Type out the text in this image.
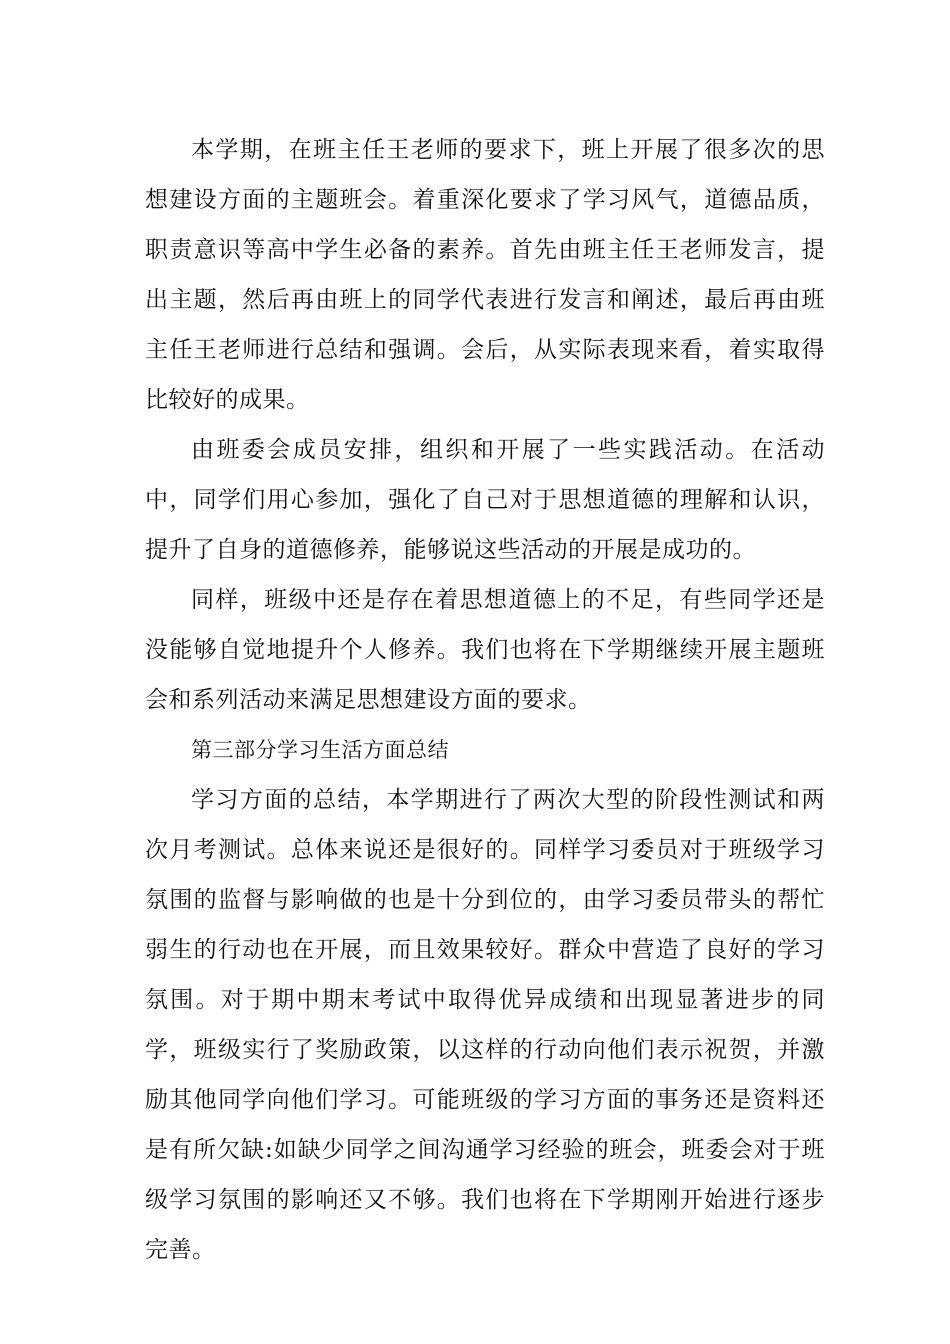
本学期，在班主任王老师的要求下，班上开展了很多次的思想建设方面的主题班会。着重深化要求了学习风气，道德品质，职责意识等高中学生必备的素养。首先由班主任王老师发言，提出主题，然后再由班上的同学代表进行发言和阐述，最后再由班主任王老师进行总结和强调。会后，从实际表现来看，着实取得比较好的成果。

由班委会成员安排，组织和开展了一些实践活动。在活动中，同学们用心参加，强化了自己对于思想道德的理解和认识，提升了自身的道德修养，能够说这些活动的开展是成功的。

同样，班级中还是存在着思想道德上的不足，有些同学还是没能够自觉地提升个人修养。我们也将在下学期继续开展主题班会和系列活动来满足思想建设方面的要求。

第三部分学习生活方面总结

学习方面的总结，本学期进行了两次大型的阶段性测试和两次月考测试。总体来说还是很好的。同样学习委员对于班级学习氛围的监督与影响做的也是十分到位的，由学习委员带头的帮忙弱生的行动也在开展，而且效果较好。群众中营造了良好的学习氛围。对于期中期末考试中取得优异成绩和出现显著进步的同学，班级实行了奖励政策，以这样的行动向他们表示祝贺，并激励其他同学向他们学习。可能班级的学习方面的事务还是资料还是有所欠缺:如缺少同学之间沟通学习经验的班会，班委会对于班级学习氛围的影响还又不够。我们也将在下学期刚开始进行逐步完善。
